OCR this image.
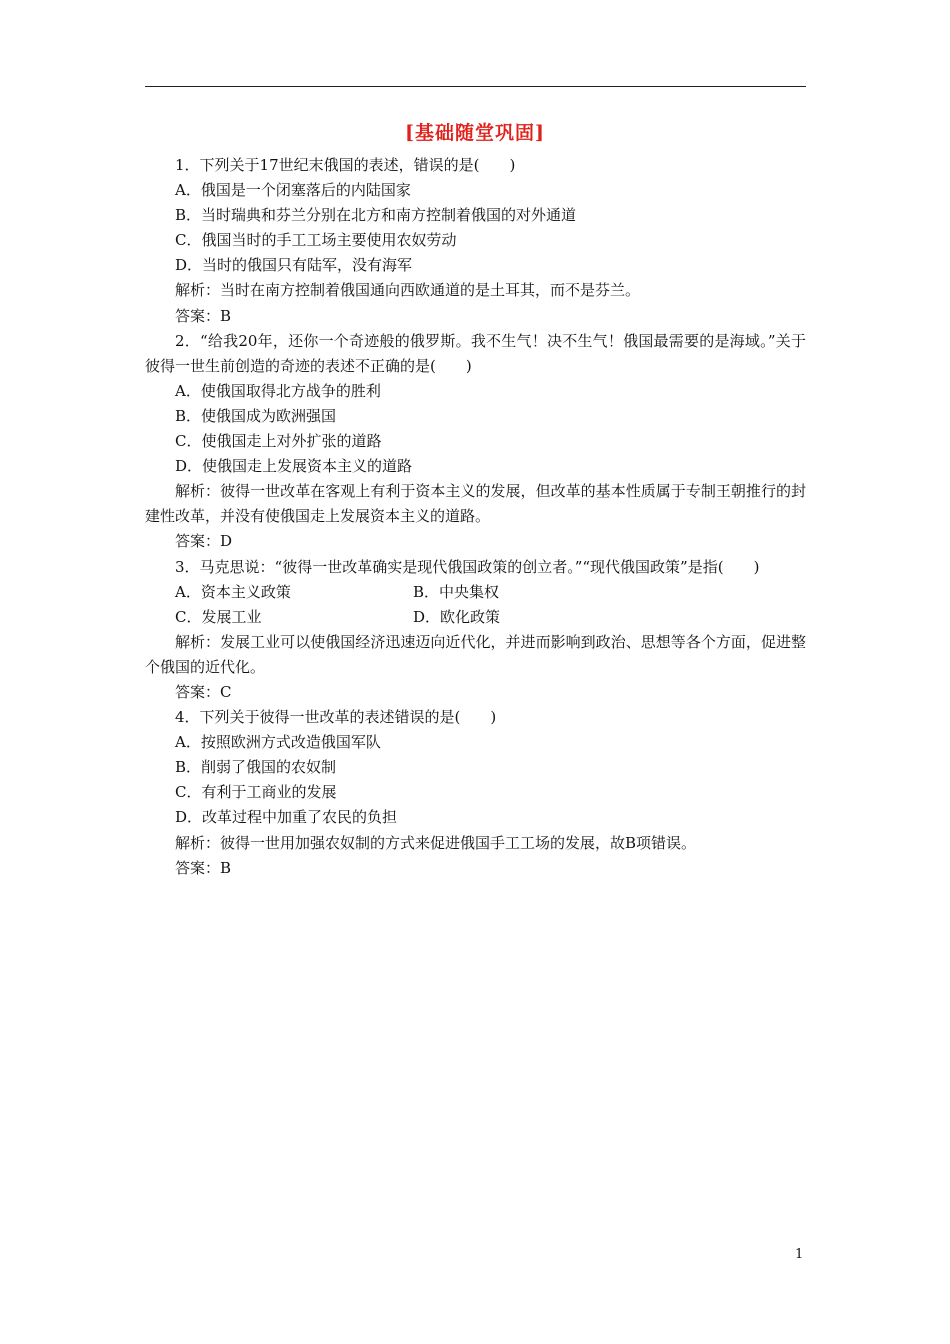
[基础随堂巩固]

1．下列关于17世纪末俄国的表述，错误的是(　　)

A．俄国是一个闭塞落后的内陆国家

B．当时瑞典和芬兰分别在北方和南方控制着俄国的对外通道

C．俄国当时的手工工场主要使用农奴劳动

D．当时的俄国只有陆军，没有海军

解析：当时在南方控制着俄国通向西欧通道的是土耳其，而不是芬兰。

答案：B

2．“给我20年，还你一个奇迹般的俄罗斯。我不生气！决不生气！俄国最需要的是海域。”关于彼得一世生前创造的奇迹的表述不正确的是(　　)

A．使俄国取得北方战争的胜利

B．使俄国成为欧洲强国

C．使俄国走上对外扩张的道路

D．使俄国走上发展资本主义的道路

解析：彼得一世改革在客观上有利于资本主义的发展，但改革的基本性质属于专制王朝推行的封建性改革，并没有使俄国走上发展资本主义的道路。

答案：D

3．马克思说：“彼得一世改革确实是现代俄国政策的创立者。”“现代俄国政策”是指(　　)

A．资本主义政策	B．中央集权
C．发展工业	D．欧化政策

解析：发展工业可以使俄国经济迅速迈向近代化，并进而影响到政治、思想等各个方面，促进整个俄国的近代化。

答案：C

4．下列关于彼得一世改革的表述错误的是(　　)

A．按照欧洲方式改造俄国军队

B．削弱了俄国的农奴制

C．有利于工商业的发展

D．改革过程中加重了农民的负担

解析：彼得一世用加强农奴制的方式来促进俄国手工工场的发展，故B项错误。

答案：B

1
